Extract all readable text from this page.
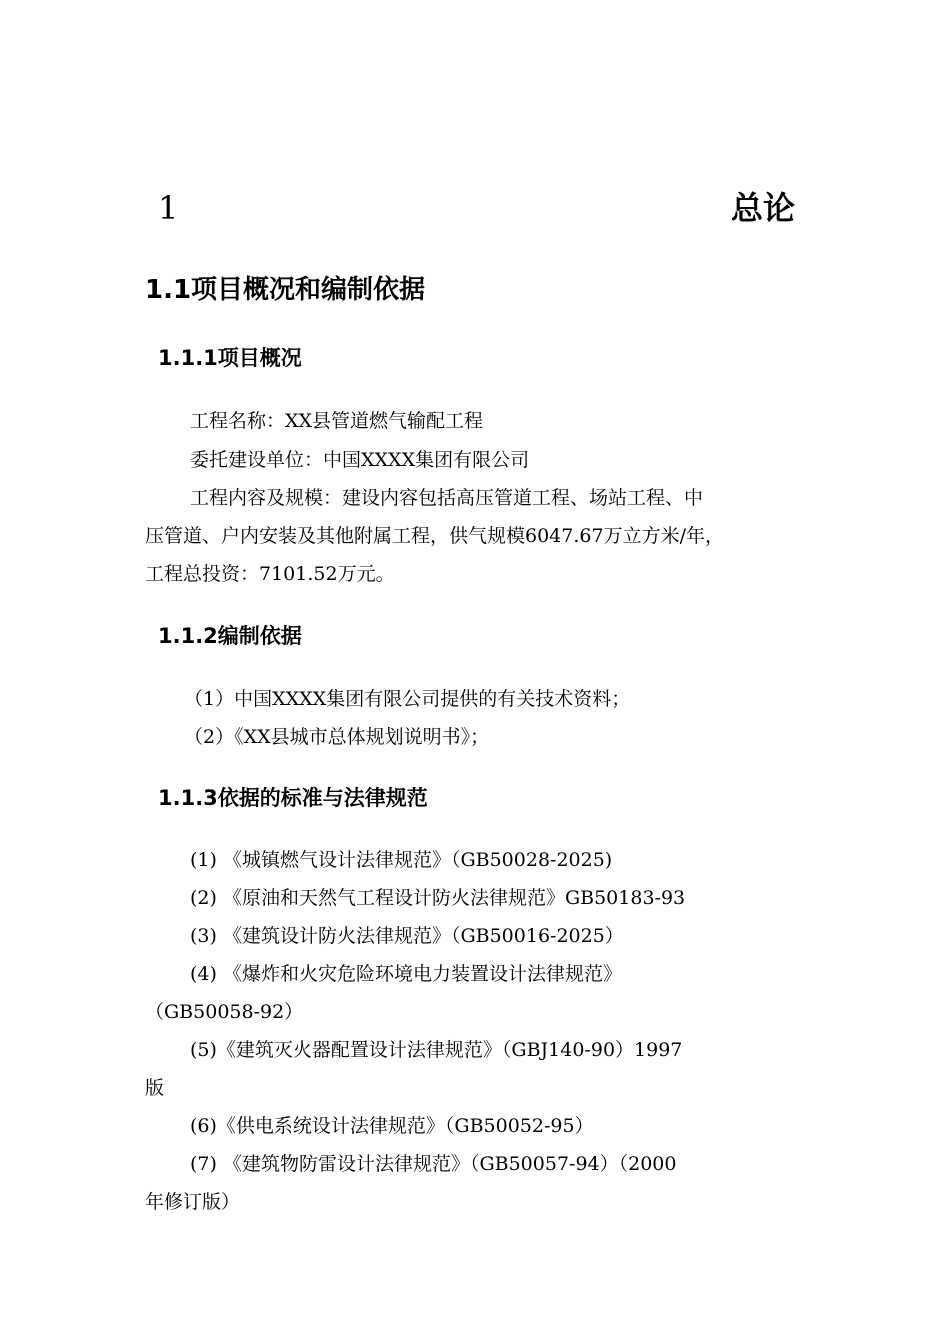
1	总论
1.1项目概况和编制依据
1.1.1项目概况
工程名称：XX县管道燃气输配工程
委托建设单位：中国XXXX集团有限公司
工程内容及规模：建设内容包括高压管道工程、场站工程、中
压管道、户内安装及其他附属工程，供气规模6047.67万立方米/年，
工程总投资：7101.52万元。
1.1.2编制依据
（1）中国XXXX集团有限公司提供的有关技术资料；
（2）《XX县城市总体规划说明书》；
1.1.3依据的标准与法律规范
(1) 《城镇燃气设计法律规范》（GB50028-2025)
(2) 《原油和天然气工程设计防火法律规范》GB50183-93
(3) 《建筑设计防火法律规范》（GB50016-2025）
(4) 《爆炸和火灾危险环境电力装置设计法律规范》
（GB50058-92）
(5)《建筑灭火器配置设计法律规范》（GBJ140-90）1997
版
(6)《供电系统设计法律规范》（GB50052-95）
(7) 《建筑物防雷设计法律规范》（GB50057-94）（2000
年修订版）
